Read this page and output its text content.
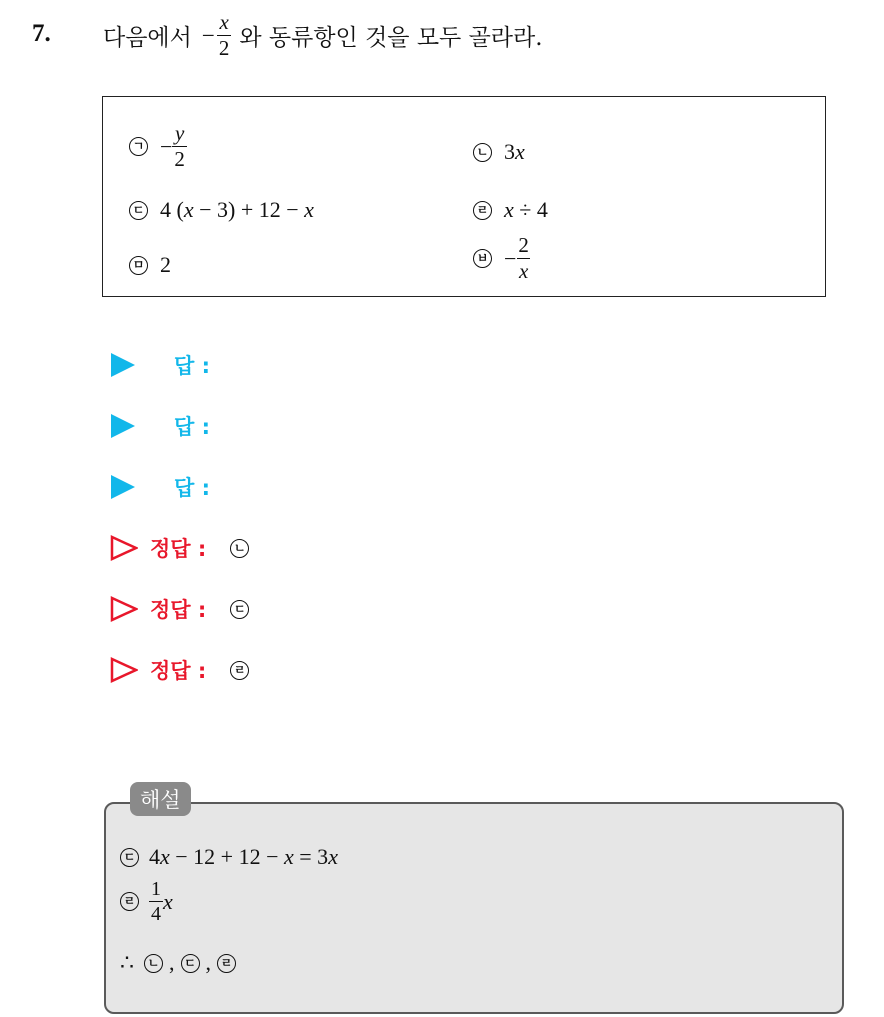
7. 다음에서 − $\frac{x}{2}$ 와 동류항인 것을 모두 골라라.
ㄱ − $\frac{y}{2}$	ㄴ 3x
ㄷ 4 (x − 3) + 12 − x	ㄹ x ÷ 4
ㅁ 2	ㅂ − $\frac{2}{x}$
답 :
답 :
답 :
정답 :	ㄴ
정답 :	ㄷ
정답 :	ㄹ
ㄷ 4x − 12 + 12 − x = 3x
ㄹ $\frac{1}{4}$ x
∴	ㄴ , ㄷ , ㄹ
해설
